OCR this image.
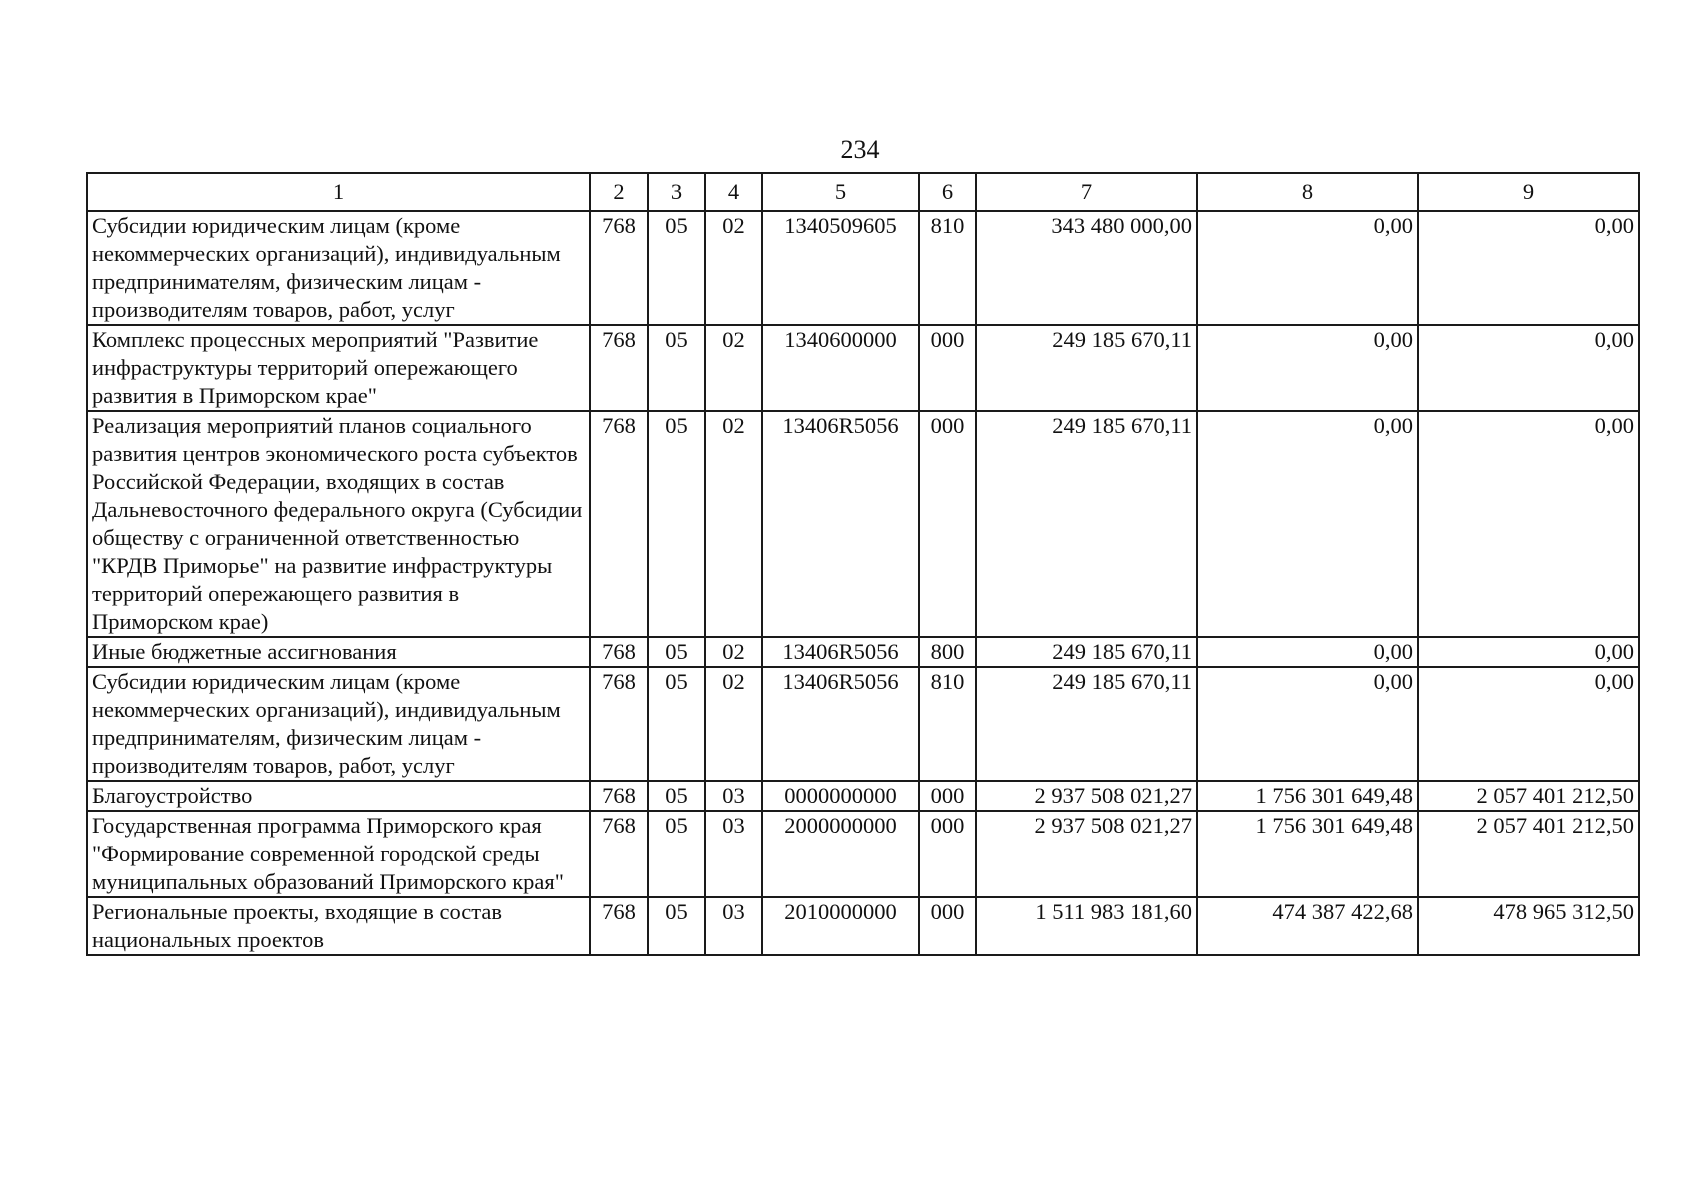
234
1	2	3	4	5	6	7	8	9
Субсидии юридическим лицам (кроме некоммерческих организаций), индивидуальным предпринимателям, физическим лицам - производителям товаров, работ, услуг	768	05	02	1340509605	810	343 480 000,00	0,00	0,00
Комплекс процессных мероприятий "Развитие инфраструктуры территорий опережающего развития в Приморском крае"	768	05	02	1340600000	000	249 185 670,11	0,00	0,00
Реализация мероприятий планов социального развития центров экономического роста субъектов Российской Федерации, входящих в состав Дальневосточного федерального округа (Субсидии обществу с ограниченной ответственностью "КРДВ Приморье" на развитие инфраструктуры территорий опережающего развития в Приморском крае)	768	05	02	13406R5056	000	249 185 670,11	0,00	0,00
Иные бюджетные ассигнования	768	05	02	13406R5056	800	249 185 670,11	0,00	0,00
Субсидии юридическим лицам (кроме некоммерческих организаций), индивидуальным предпринимателям, физическим лицам - производителям товаров, работ, услуг	768	05	02	13406R5056	810	249 185 670,11	0,00	0,00
Благоустройство	768	05	03	0000000000	000	2 937 508 021,27	1 756 301 649,48	2 057 401 212,50
Государственная программа Приморского края "Формирование современной городской среды муниципальных образований Приморского края"	768	05	03	2000000000	000	2 937 508 021,27	1 756 301 649,48	2 057 401 212,50
Региональные проекты, входящие в состав национальных проектов	768	05	03	2010000000	000	1 511 983 181,60	474 387 422,68	478 965 312,50
